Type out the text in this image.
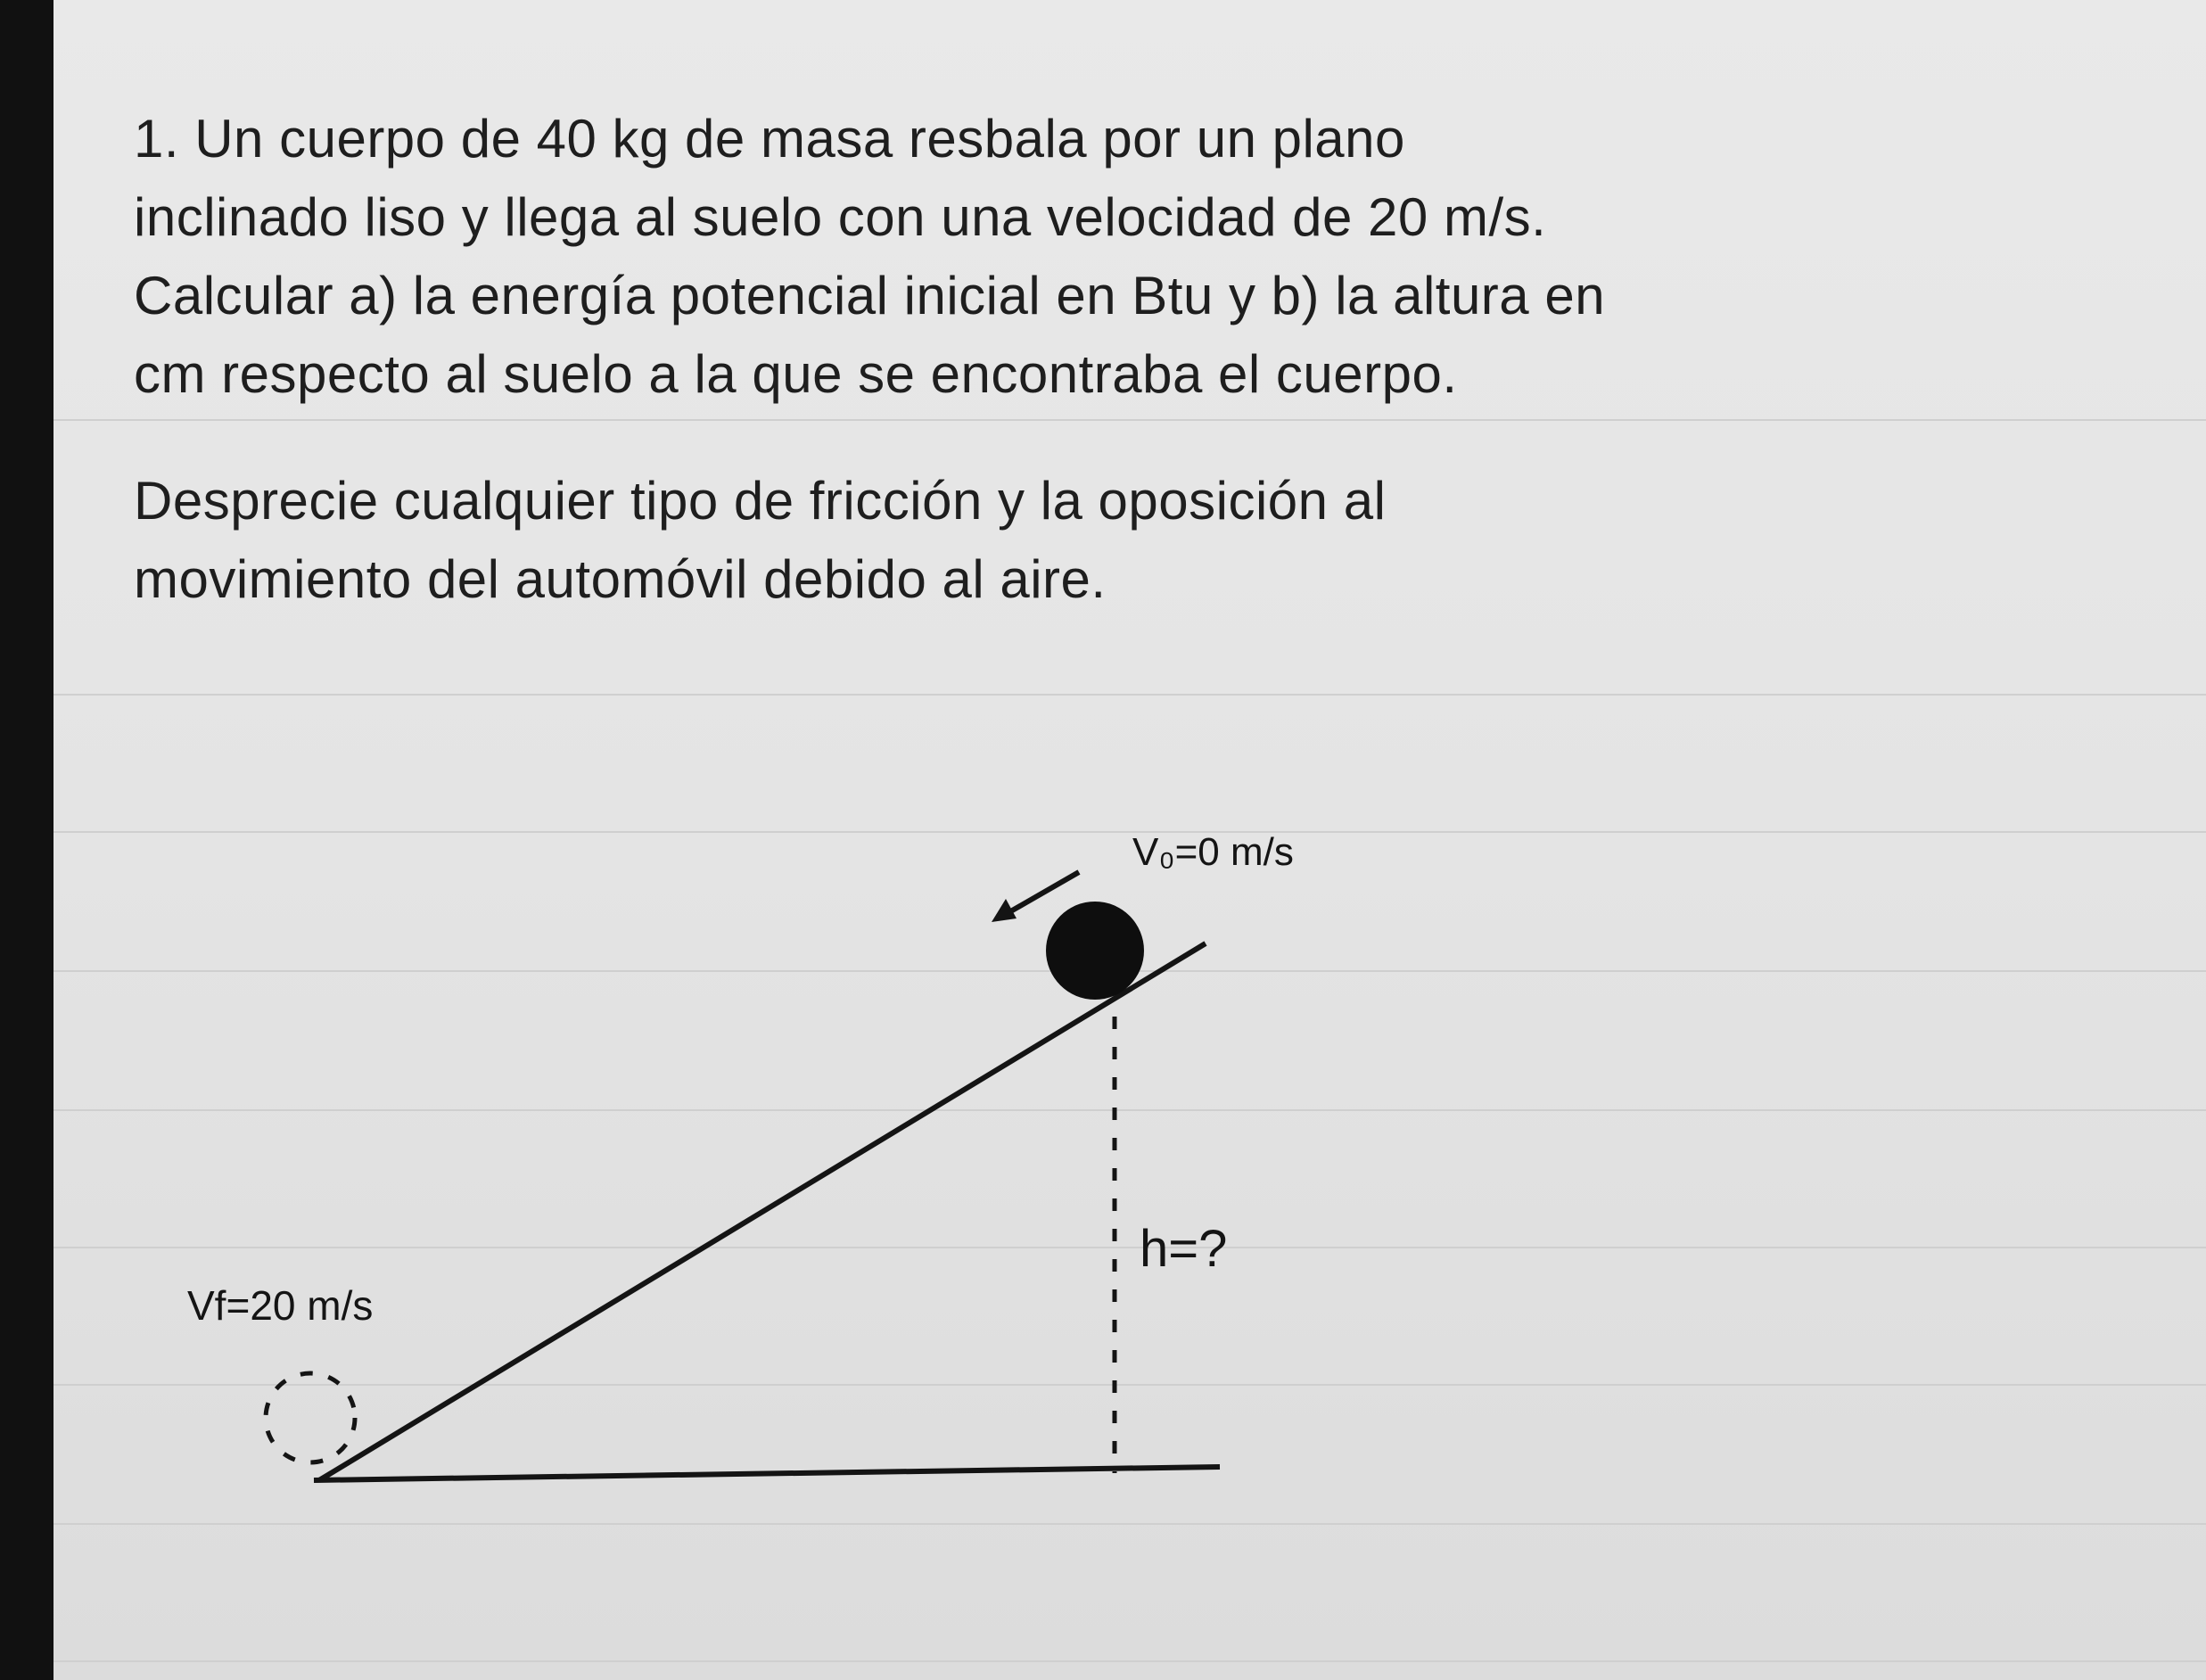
1. Un cuerpo de 40 kg de masa resbala por un plano
inclinado liso y llega al suelo con una velocidad de 20 m/s.
Calcular a) la energía potencial inicial en Btu y b) la altura en
cm respecto al suelo a la que se encontraba el cuerpo.
Desprecie cualquier tipo de fricción y la oposición al
movimiento del automóvil debido al aire.
V₀=0 m/s
Vf=20 m/s
h=?
